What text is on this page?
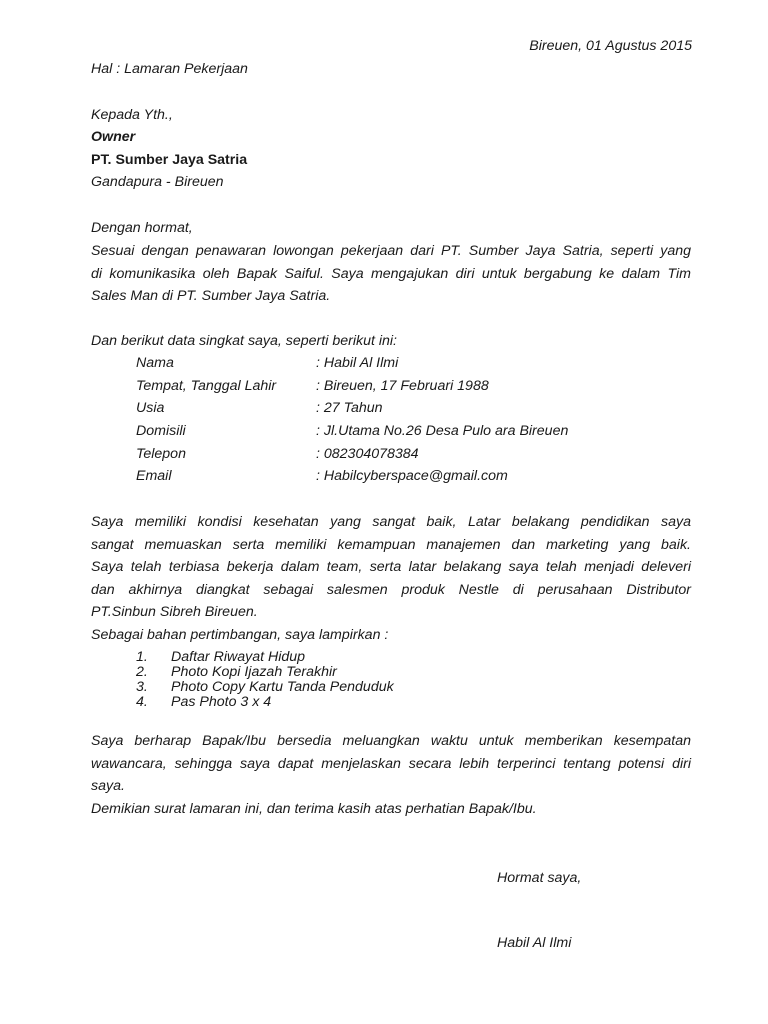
Bireuen, 01 Agustus 2015
Hal : Lamaran Pekerjaan
Kepada Yth.,
Owner
PT. Sumber Jaya Satria
Gandapura - Bireuen
Dengan hormat,

Sesuai dengan penawaran lowongan pekerjaan dari PT. Sumber Jaya Satria, seperti yang

di komunikasika oleh Bapak Saiful. Saya mengajukan diri untuk bergabung ke dalam Tim

Sales Man di PT. Sumber Jaya Satria.

Dan berikut data singkat saya, seperti berikut ini:
Nama	: Habil Al Ilmi
Tempat, Tanggal Lahir	: Bireuen, 17 Februari 1988
Usia	: 27 Tahun
Domisili	: Jl.Utama No.26 Desa Pulo ara Bireuen
Telepon	: 082304078384
Email	: Habilcyberspace@gmail.com

Saya memiliki kondisi kesehatan yang sangat baik, Latar belakang pendidikan saya

sangat memuaskan serta memiliki kemampuan manajemen dan marketing yang baik.

Saya telah terbiasa bekerja dalam team, serta latar belakang saya telah menjadi deleveri

dan akhirnya diangkat sebagai salesmen produk Nestle di perusahaan Distributor

PT.Sinbun Sibreh Bireuen.

Sebagai bahan pertimbangan, saya lampirkan :

1. Daftar Riwayat Hidup
2. Photo Kopi Ijazah Terakhir
3. Photo Copy Kartu Tanda Penduduk
4. Pas Photo 3 x 4

Saya berharap Bapak/Ibu bersedia meluangkan waktu untuk memberikan kesempatan

wawancara, sehingga saya dapat menjelaskan secara lebih terperinci tentang potensi diri

saya.

Demikian surat lamaran ini, dan terima kasih atas perhatian Bapak/Ibu.

Hormat saya,
Habil Al Ilmi
